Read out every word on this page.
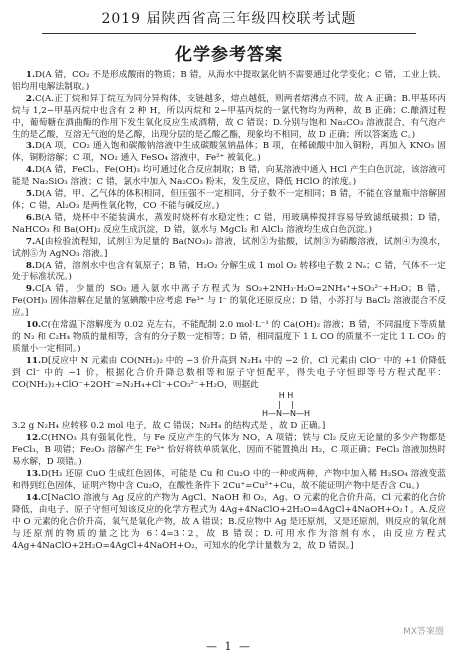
2019 届陕西省高三年级四校联考试题
化学参考答案

1.D(A 错，CO₂ 不是形成酸雨的物质；B 错，从海水中提取氯化钠不需要通过化学变化；C 错，工业上铁、铝均用电解法制取。)

2.C(A.正丁烷和异丁烷互为同分异构体，支链越多，熔点越低，则两者熔沸点不同，故 A 正确；B.甲基环丙烷与 1,2−甲基丙烷中也含有 2 种 H，所以丙烷和 2−甲基丙烷的一氯代物均为两种，故 B 正确；C.酿酒过程中，葡萄糖在酒曲酶的作用下发生氧化反应生成酒精，故 C 错误；D.分别与饱和 Na₂CO₃ 溶液混合，有气泡产生的是乙酸，互溶无气泡的是乙醇，出现分层的是乙酸乙酯，现象均不相同，故 D 正确；所以答案选 C。)

3.D(A 项，CO₂ 通入饱和碳酸钠溶液中生成碳酸氢钠晶体；B 项，在稀硫酸中加入铜粉，再加入 KNO₃ 固体，铜粉溶解；C 项，NO₂ 通入 FeSO₄ 溶液中，Fe²⁺ 被氧化。)

4.D(A 错，FeCl₂、Fe(OH)₃ 均可通过化合反应制取；B 错，向某溶液中通入 HCl 产生白色沉淀，该溶液可能是 Na₂SiO₃ 溶液；C 错，氯水中加入 Na₂CO₃ 粉末，发生反应，降低 HClO 的浓度。)

5.D(A 错，甲、乙气体的体积相同，但压强不一定相同，分子数不一定相同；B 错，不能在容量瓶中溶解固体；C 错，Al₂O₃ 是两性氧化物，CO 不能与碱反应。)

6.B(A 错，烧杯中不能装满水，蒸发时烧杯有水稳定性；C 错，用玻璃棒搅拌容易导致滤纸破损；D 错，NaHCO₃ 和 Ba(OH)₂ 反应生成沉淀，D 错，氨水与 MgCl₂ 和 AlCl₃ 溶液均生成白色沉淀。)

7.A[由检验流程知，试剂①为足量的 Ba(NO₃)₂ 溶液，试剂②为盐酸，试剂③为硝酸溶液，试剂④为溴水，试剂⑤为 AgNO₃ 溶液。]

8.D(A 错，溶剂水中也含有氧原子；B 错，H₂O₂ 分解生成 1 mol O₂ 转移电子数 2 Nₐ；C 错，气体不一定处于标准状况。)

9.C[A 错，少量的 SO₂ 通入氨水中离子方程式为 SO₂+2NH₃·H₂O=2NH₄⁺+SO₃²⁻+H₂O；B 错，Fe(OH)₃ 固体溶解在足量的氢碘酸中应考虑 Fe³⁺ 与 I⁻ 的氧化还原反应；D 错，小苏打与 BaCl₂ 溶液混合不反应。]

10.C(在常温下溶解度为 0.02 克左右，不能配制 2.0 mol·L⁻¹ 的 Ca(OH)₂ 溶液；B 错，不同温度下等质量的 N₂ 和 C₂H₄ 物质的量相等，含有的分子数一定相等；D 错，相同温度下 1 L CO 的质量不一定比 1 L CO₂ 的质量小一定相同。)

11.D[反应中 N 元素由 CO(NH₂)₂ 中的 −3 价升高到 N₂H₄ 中的 −2 价，Cl 元素由 ClO⁻ 中的 +1 价降低到 Cl⁻ 中的 −1 价，根据化合价升降总数相等和原子守恒配平，得失电子守恒即等号方程式配平：CO(NH₂)₂+ClO⁻+2OH⁻=N₂H₄+Cl⁻+CO₃²⁻+H₂O，则据此

H H
|    |
H—N—N—H

3.2 g N₂H₄ 应转移 0.2 mol 电子，故 C 错误；N₂H₄ 的结构式是 ，故 D 正确。]

12.C(HNO₃ 具有强氧化性，与 Fe 反应产生的气体为 NO，A 项错；铁与 Cl₂ 反应无论量的多少产物都是 FeCl₃，B 项错；Fe₂O₃ 溶解产生 Fe³⁺ 恰好将铁单质氧化，因而不能置换出 H₂，C 项正确；FeCl₃ 溶液加热时易水解，D 项错。)

13.D(H₂ 还原 CuO 生成红色固体，可能是 Cu 和 Cu₂O 中的一种或两种，产物中加入稀 H₂SO₄ 溶液变蓝和得到红色固体，证明产物中含 Cu₂O，在酸性条件下 2Cu⁺=Cu²⁺+Cu，故不能证明产物中是否含 Cu。)

14.C[NaClO 溶液与 Ag 反应的产物为 AgCl、NaOH 和 O₂，Ag、O 元素的化合价升高，Cl 元素的化合价降低，由电子、原子守恒可知该反应的化学方程式为 4Ag+4NaClO+2H₂O=4AgCl+4NaOH+O₂↑。A.反应中 O 元素的化合价升高，氧气是氧化产物，故 A 错误；B.反应物中 Ag 是还原剂，又是还原剂，则反应的氧化剂与还原剂的物质的量之比为 6∶4=3∶2，故 B 错误；D.可用水作为溶剂有水，由反应方程式 4Ag+4NaClO+2H₂O=4AgCl+4NaOH+O₂，可知水的化学计量数为 2，故 D 错误。]

MX答案圈
— 1 —
